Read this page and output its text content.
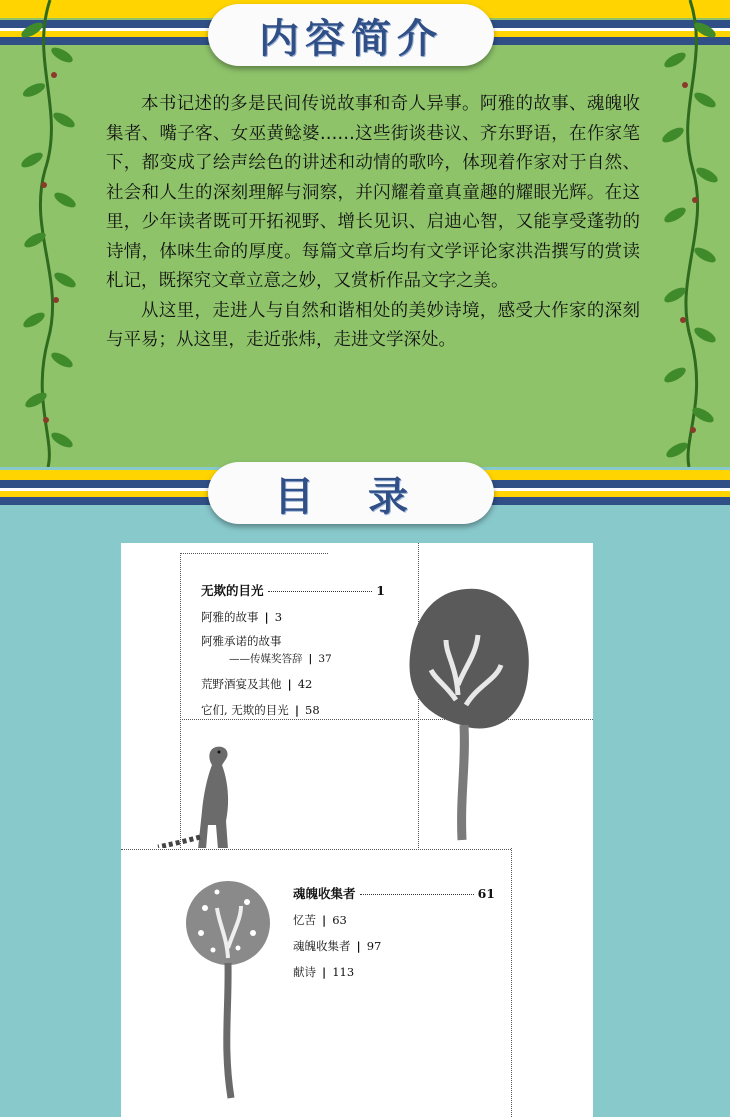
内容简介

本书记述的多是民间传说故事和奇人异事。阿雅的故事、魂魄收集者、嘴子客、女巫黄鲶婆……这些街谈巷议、齐东野语，在作家笔下，都变成了绘声绘色的讲述和动情的歌吟，体现着作家对于自然、社会和人生的深刻理解与洞察，并闪耀着童真童趣的耀眼光辉。在这里，少年读者既可开拓视野、增长见识、启迪心智，又能享受蓬勃的诗情，体味生命的厚度。每篇文章后均有文学评论家洪浩撰写的赏读札记，既探究文章立意之妙，又赏析作品文字之美。

从这里，走进人与自然和谐相处的美妙诗境，感受大作家的深刻与平易；从这里，走近张炜，走进文学深处。

目 录
无欺的目光	1
阿雅的故事 | 3
阿雅承诺的故事
——传媒奖答辞 | 37
荒野酒宴及其他 | 42
它们, 无欺的目光 | 58
魂魄收集者	61
忆苦 | 63
魂魄收集者 | 97
献诗 | 113
